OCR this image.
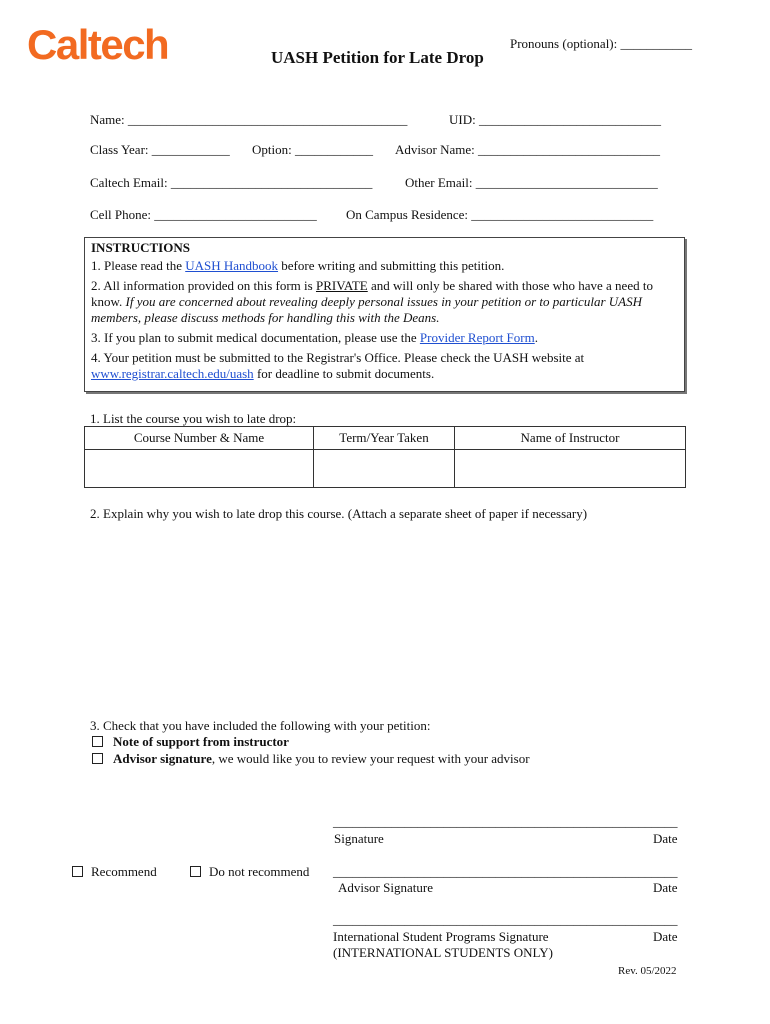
Caltech	Pronouns (optional): ___________
UASH Petition for Late Drop
Name: ___________________________________________	UID: ____________________________
Class Year: ____________ Option: ____________ Advisor Name: ____________________________
Caltech Email: _______________________________	Other Email: ____________________________
Cell Phone: _________________________ On Campus Residence: ____________________________

INSTRUCTIONS

1. Please read the UASH Handbook before writing and submitting this petition.

2. All information provided on this form is PRIVATE and will only be shared with those who have a need to know. If you are concerned about revealing deeply personal issues in your petition or to particular UASH members, please discuss methods for handling this with the Deans.

3. If you plan to submit medical documentation, please use the Provider Report Form.

4. Your petition must be submitted to the Registrar's Office. Please check the UASH website at www.registrar.caltech.edu/uash for deadline to submit documents.

1. List the course you wish to late drop:
Course Number & Name	Term/Year Taken	Name of Instructor

2. Explain why you wish to late drop this course. (Attach a separate sheet of paper if necessary)
3. Check that you have included the following with your petition:
Note of support from instructor
Advisor signature, we would like you to review your request with your advisor
_____________________________________________________
Signature	Date
Recommend	Do not recommend _____________________________________________________
Advisor Signature	Date
_____________________________________________________
International Student Programs Signature	Date
(INTERNATIONAL STUDENTS ONLY)
Rev. 05/2022
